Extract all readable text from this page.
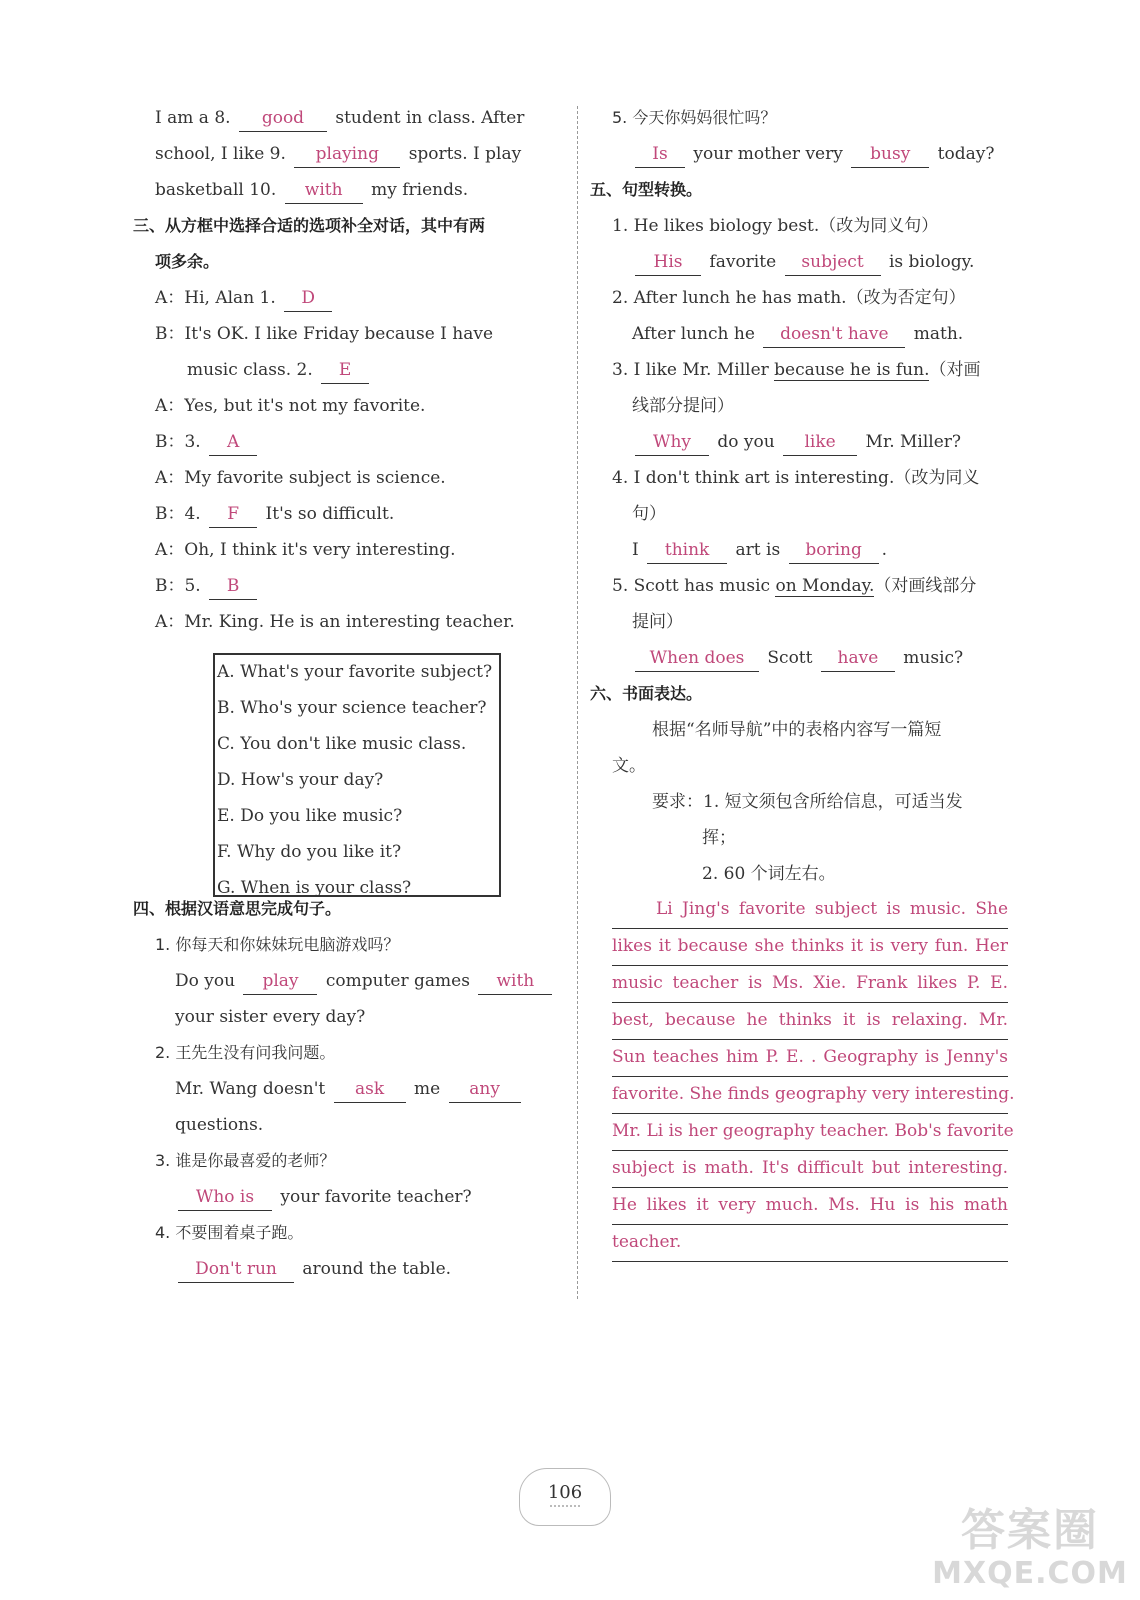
I am a 8. good student in class. After
school, I like 9. playing sports. I play
basketball 10. with my friends.
三、从方框中选择合适的选项补全对话，其中有两
项多余。
A：Hi, Alan 1. D
B：It's OK. I like Friday because I have
music class. 2. E
A：Yes, but it's not my favorite.
B：3. A
A：My favorite subject is science.
B：4. F It's so difficult.
A：Oh, I think it's very interesting.
B：5. B
A：Mr. King. He is an interesting teacher.
A. What's your favorite subject?
B. Who's your science teacher?
C. You don't like music class.
D. How's your day?
E. Do you like music?
F. Why do you like it?
G. When is your class?
四、根据汉语意思完成句子。
1. 你每天和你妹妹玩电脑游戏吗？
Do you play computer games with
your sister every day?
2. 王先生没有问我问题。
Mr. Wang doesn't ask me any
questions.
3. 谁是你最喜爱的老师？
Who is your favorite teacher?
4. 不要围着桌子跑。
Don't run around the table.
5. 今天你妈妈很忙吗？
Is your mother very busy today?
五、句型转换。
1. He likes biology best.（改为同义句）
His favorite subject is biology.
2. After lunch he has math.（改为否定句）
After lunch he doesn't have math.
3. I like Mr. Miller because he is fun.（对画
线部分提问）
Why do you like Mr. Miller?
4. I don't think art is interesting.（改为同义
句）
I think art is boring .
5. Scott has music on Monday.（对画线部分
提问）
When does Scott have music?
六、书面表达。
根据“名师导航”中的表格内容写一篇短
文。
要求：1. 短文须包含所给信息，可适当发
挥；
2. 60 个词左右。
Li Jing's favorite subject is music. She
likes it because she thinks it is very fun. Her
music teacher is Ms. Xie. Frank likes P. E.
best, because he thinks it is relaxing. Mr.
Sun teaches him P. E. . Geography is Jenny's
favorite. She finds geography very interesting.
Mr. Li is her geography teacher. Bob's favorite
subject is math. It's difficult but interesting.
He likes it very much. Ms. Hu is his math
teacher.
106
答案圈
MXQE.COM
